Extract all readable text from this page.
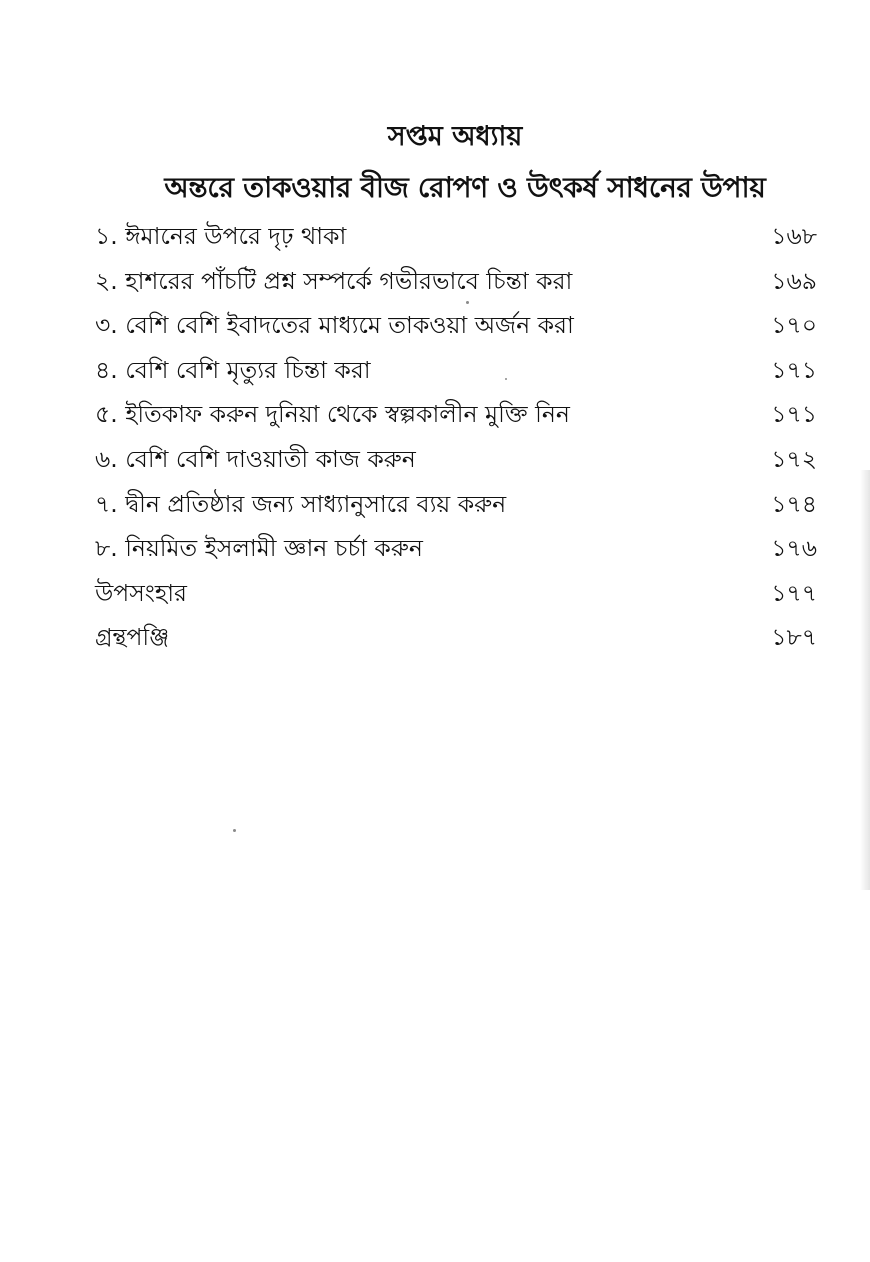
সপ্তম অধ্যায়
অন্তরে তাকওয়ার বীজ রোপণ ও উৎকর্ষ সাধনের উপায়
১. ঈমানের উপরে দৃঢ় থাকা	১৬৮
২. হাশরের পাঁচটি প্রশ্ন সম্পর্কে গভীরভাবে চিন্তা করা	১৬৯
৩. বেশি বেশি ইবাদতের মাধ্যমে তাকওয়া অর্জন করা	১৭০
৪. বেশি বেশি মৃত্যুর চিন্তা করা	১৭১
৫. ইতিকাফ করুন দুনিয়া থেকে স্বল্পকালীন মুক্তি নিন	১৭১
৬. বেশি বেশি দাওয়াতী কাজ করুন	১৭২
৭. দ্বীন প্রতিষ্ঠার জন্য সাধ্যানুসারে ব্যয় করুন	১৭৪
৮. নিয়মিত ইসলামী জ্ঞান চর্চা করুন	১৭৬
উপসংহার	১৭৭
গ্রন্থপঞ্জি	১৮৭
